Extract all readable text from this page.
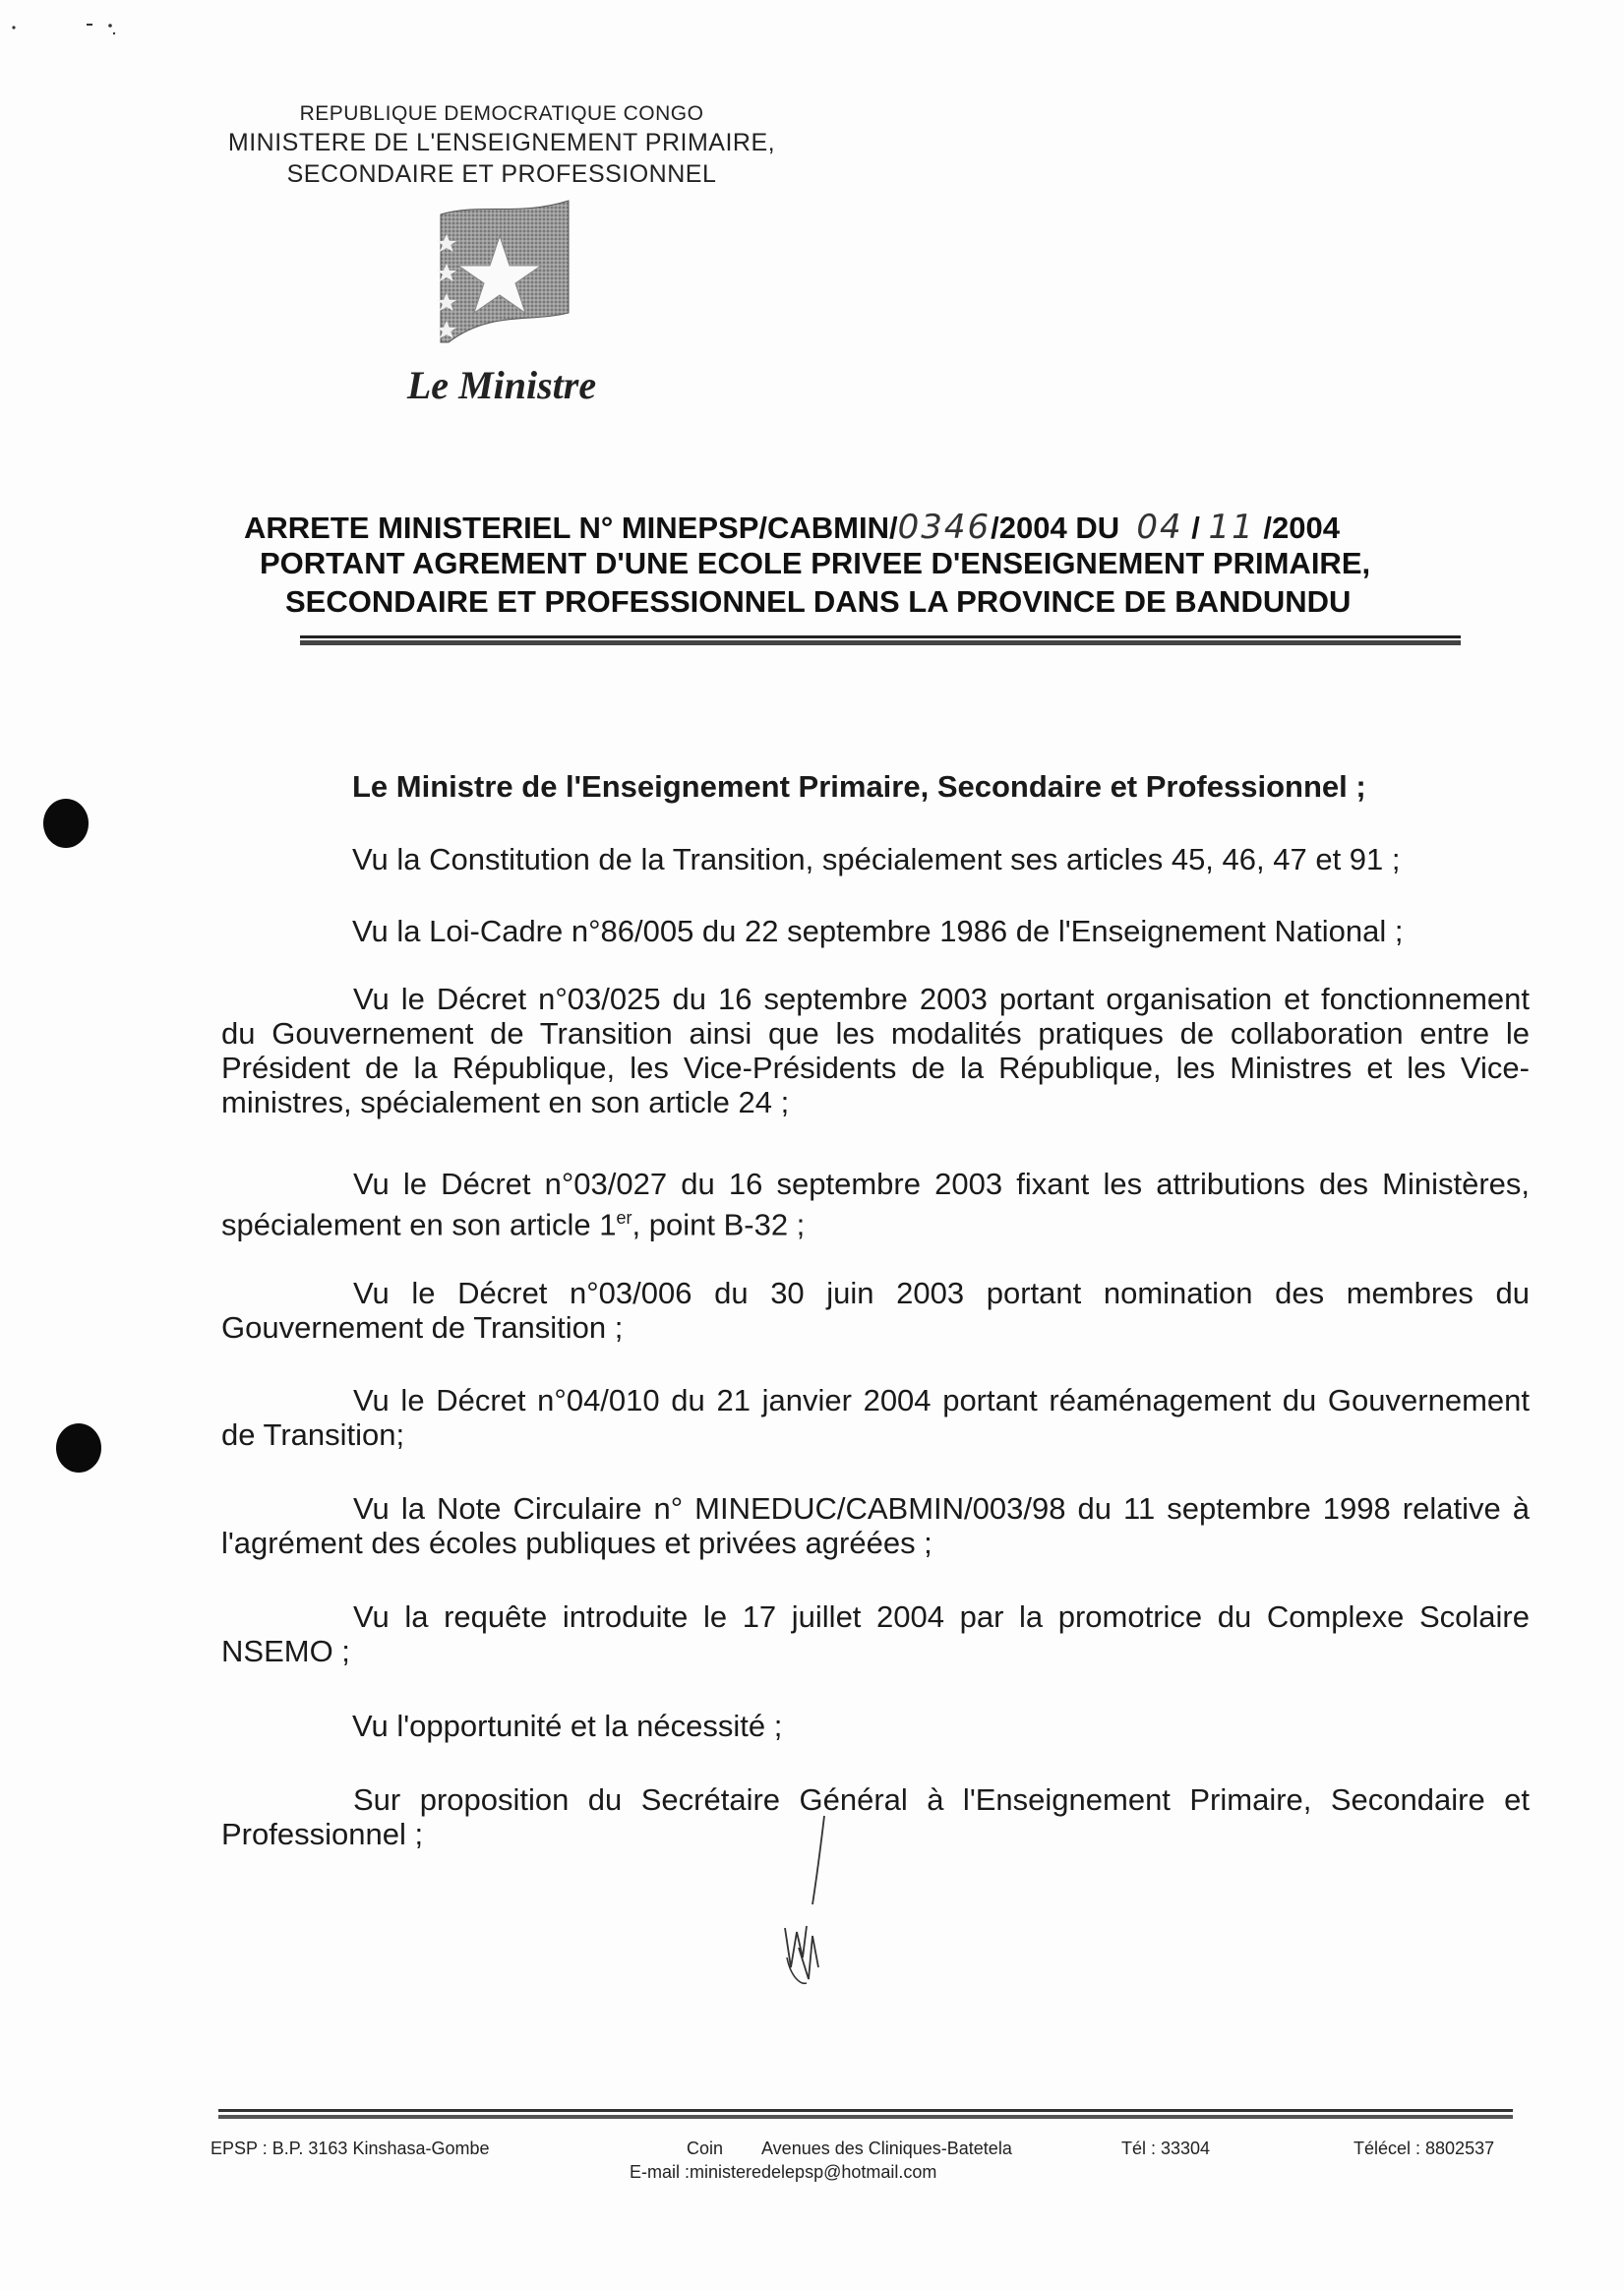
REPUBLIQUE DEMOCRATIQUE CONGO
MINISTERE DE L'ENSEIGNEMENT PRIMAIRE,
SECONDAIRE ET PROFESSIONNEL
Le Ministre
ARRETE MINISTERIEL N° MINEPSP/CABMIN/0346/2004 DU 04 / 11 /2004
PORTANT AGREMENT D'UNE ECOLE PRIVEE D'ENSEIGNEMENT PRIMAIRE,
SECONDAIRE ET PROFESSIONNEL DANS LA PROVINCE DE BANDUNDU
Le Ministre de l'Enseignement Primaire, Secondaire et Professionnel ;
Vu la Constitution de la Transition, spécialement ses articles 45, 46, 47 et 91 ;
Vu la Loi-Cadre n°86/005 du 22 septembre 1986 de l'Enseignement National ;
Vu le Décret n°03/025 du 16 septembre 2003 portant organisation et fonctionnement du Gouvernement de Transition ainsi que les modalités pratiques de collaboration entre le Président de la République, les Vice-Présidents de la République, les Ministres et les Vice-ministres, spécialement en son article 24 ;
Vu le Décret n°03/027 du 16 septembre 2003 fixant les attributions des Ministères, spécialement en son article 1er, point B-32 ;
Vu le Décret n°03/006 du 30 juin 2003 portant nomination des membres du Gouvernement de Transition ;
Vu le Décret n°04/010 du 21 janvier 2004 portant réaménagement du Gouvernement de Transition;
Vu la Note Circulaire n° MINEDUC/CABMIN/003/98 du 11 septembre 1998 relative à l'agrément des écoles publiques et privées agréées ;
Vu la requête introduite le 17 juillet 2004 par la promotrice du Complexe Scolaire NSEMO ;
Vu l'opportunité et la nécessité ;
Sur proposition du Secrétaire Général à l'Enseignement Primaire, Secondaire et Professionnel ;
EPSP : B.P. 3163 Kinshasa-Gombe	Coin Avenues des Cliniques-Batetela	Tél : 33304	Télécel : 8802537
E-mail :ministeredelepsp@hotmail.com
